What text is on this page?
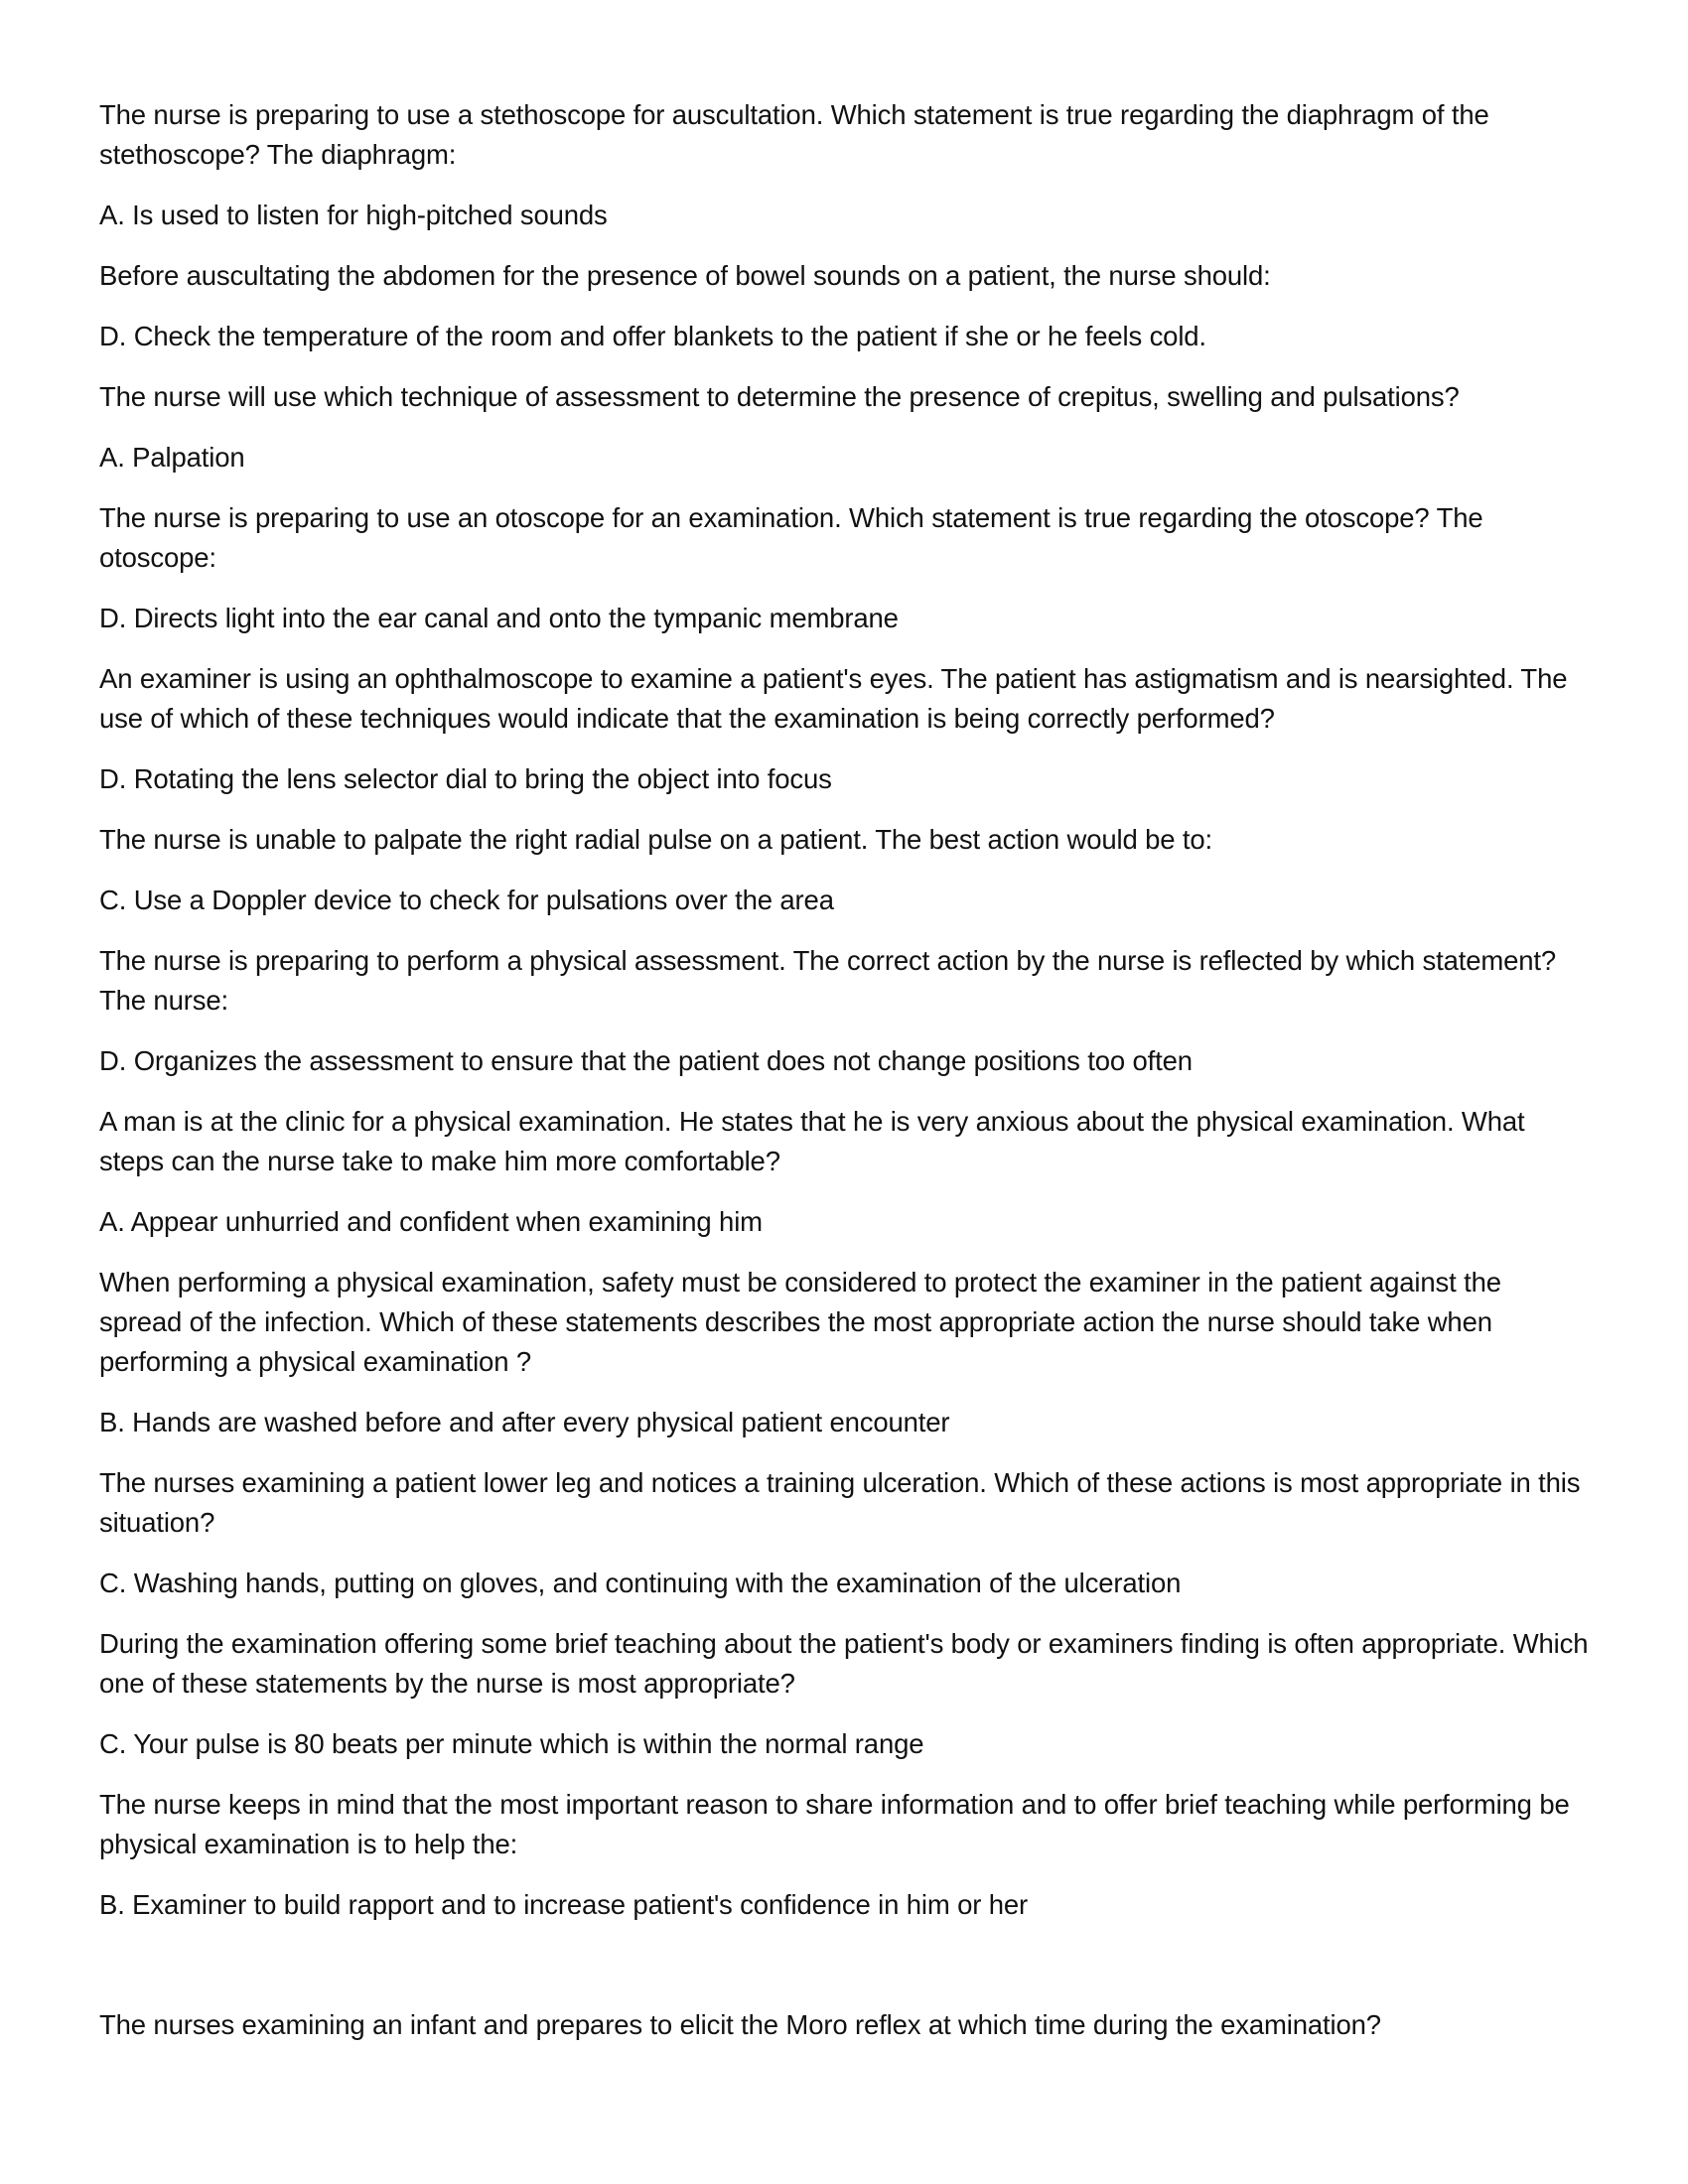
The nurse is preparing to use a stethoscope for auscultation. Which statement is true regarding the diaphragm of the stethoscope? The diaphragm:

A. Is used to listen for high-pitched sounds

Before auscultating the abdomen for the presence of bowel sounds on a patient, the nurse should:

D. Check the temperature of the room and offer blankets to the patient if she or he feels cold.

The nurse will use which technique of assessment to determine the presence of crepitus, swelling and pulsations?

A. Palpation

The nurse is preparing to use an otoscope for an examination. Which statement is true regarding the otoscope? The otoscope:

D. Directs light into the ear canal and onto the tympanic membrane

An examiner is using an ophthalmoscope to examine a patient's eyes. The patient has astigmatism and is nearsighted. The use of which of these techniques would indicate that the examination is being correctly performed?

D. Rotating the lens selector dial to bring the object into focus

The nurse is unable to palpate the right radial pulse on a patient. The best action would be to:

C. Use a Doppler device to check for pulsations over the area

The nurse is preparing to perform a physical assessment. The correct action by the nurse is reflected by which statement? The nurse:

D. Organizes the assessment to ensure that the patient does not change positions too often

A man is at the clinic for a physical examination. He states that he is very anxious about the physical examination. What steps can the nurse take to make him more comfortable?

A. Appear unhurried and confident when examining him

When performing a physical examination, safety must be considered to protect the examiner in the patient against the spread of the infection. Which of these statements describes the most appropriate action the nurse should take when performing a physical examination ?

B. Hands are washed before and after every physical patient encounter

The nurses examining a patient lower leg and notices a training ulceration. Which of these actions is most appropriate in this situation?

C. Washing hands, putting on gloves, and continuing with the examination of the ulceration

During the examination offering some brief teaching about the patient's body or examiners finding is often appropriate. Which one of these statements by the nurse is most appropriate?

C. Your pulse is 80 beats per minute which is within the normal range

The nurse keeps in mind that the most important reason to share information and to offer brief teaching while performing be physical examination is to help the:

B. Examiner to build rapport and to increase patient's confidence in him or her

The nurses examining an infant and prepares to elicit the Moro reflex at which time during the examination?
